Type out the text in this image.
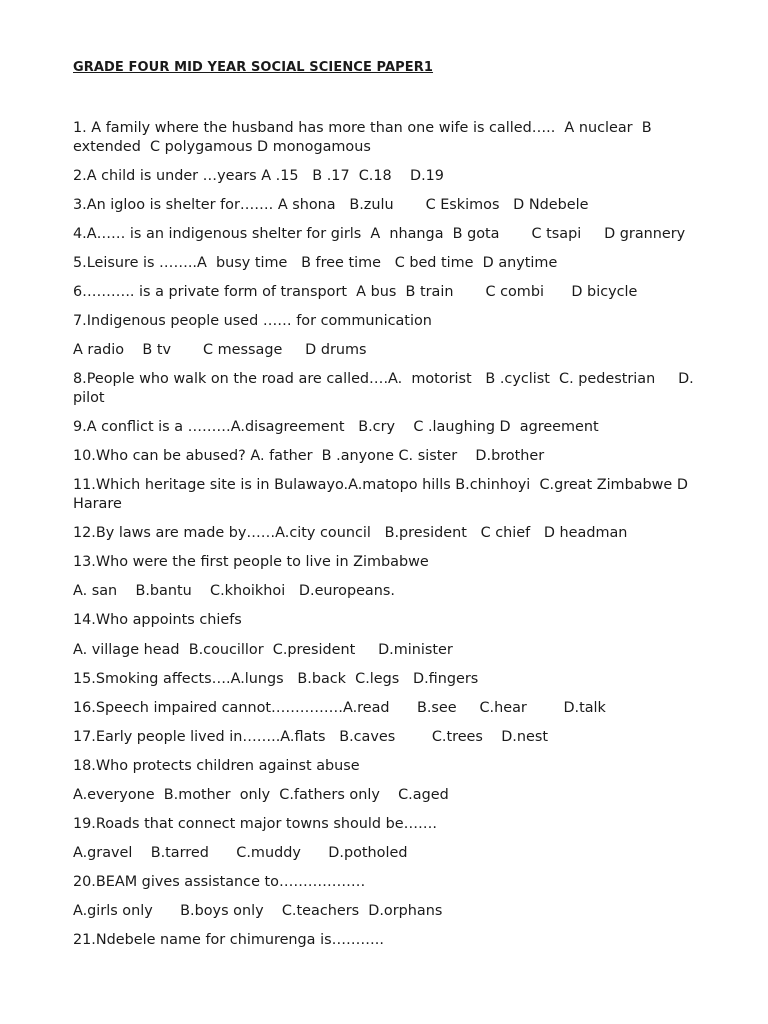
GRADE FOUR MID YEAR SOCIAL SCIENCE PAPER1
1. A family where the husband has more than one wife is called…..  A nuclear  B extended  C polygamous D monogamous
2.A child is under …years A .15   B .17  C.18    D.19
3.An igloo is shelter for……. A shona   B.zulu       C Eskimos   D Ndebele
4.A…… is an indigenous shelter for girls  A  nhanga  B gota       C tsapi     D grannery
5.Leisure is ……..A  busy time   B free time   C bed time  D anytime
6……….. is a private form of transport  A bus  B train       C combi      D bicycle
7.Indigenous people used …… for communication
A radio    B tv       C message     D drums
8.People who walk on the road are called….A.  motorist   B .cyclist  C. pedestrian     D. pilot
9.A conflict is a ………A.disagreement   B.cry    C .laughing D  agreement
10.Who can be abused? A. father  B .anyone C. sister    D.brother
11.Which heritage site is in Bulawayo.A.matopo hills B.chinhoyi  C.great Zimbabwe D Harare
12.By laws are made by……A.city council   B.president   C chief   D headman
13.Who were the first people to live in Zimbabwe
A. san    B.bantu    C.khoikhoi   D.europeans.
14.Who appoints chiefs
A. village head  B.coucillor  C.president     D.minister
15.Smoking affects….A.lungs   B.back  C.legs   D.fingers
16.Speech impaired cannot……………A.read      B.see     C.hear        D.talk
17.Early people lived in……..A.flats   B.caves        C.trees    D.nest
18.Who protects children against abuse
A.everyone  B.mother  only  C.fathers only    C.aged
19.Roads that connect major towns should be…….
A.gravel    B.tarred      C.muddy      D.potholed
20.BEAM gives assistance to………………
A.girls only      B.boys only    C.teachers  D.orphans
21.Ndebele name for chimurenga is………..
